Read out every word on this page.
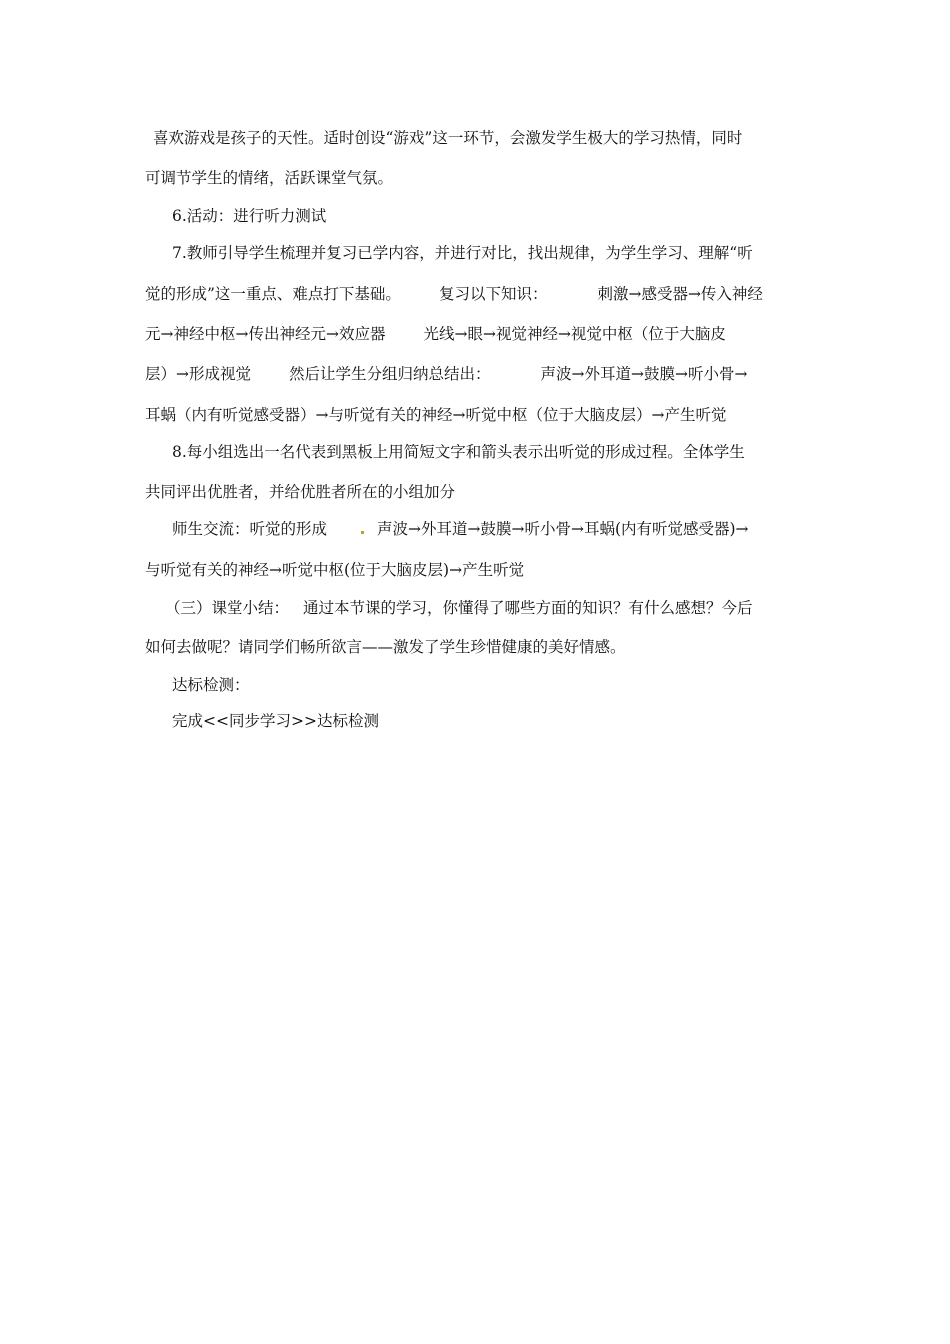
喜欢游戏是孩子的天性。适时创设“游戏”这一环节，会激发学生极大的学习热情，同时
可调节学生的情绪，活跃课堂气氛。
6.活动：进行听力测试
7.教师引导学生梳理并复习已学内容，并进行对比，找出规律，为学生学习、理解“听
觉的形成”这一重点、难点打下基础。 复习以下知识：	刺激→感受器→传入神经
元→神经中枢→传出神经元→效应器 光线→眼→视觉神经→视觉中枢（位于大脑皮
层）→形成视觉 然后让学生分组归纳总结出：	声波→外耳道→鼓膜→听小骨→
耳蜗（内有听觉感受器）→与听觉有关的神经→听觉中枢（位于大脑皮层）→产生听觉
8.每小组选出一名代表到黑板上用简短文字和箭头表示出听觉的形成过程。全体学生
共同评出优胜者，并给优胜者所在的小组加分
师生交流：听觉的形成	声波→外耳道→鼓膜→听小骨→耳蜗(内有听觉感受器)→
与听觉有关的神经→听觉中枢(位于大脑皮层)→产生听觉
（三）课堂小结： 通过本节课的学习，你懂得了哪些方面的知识？有什么感想？今后
如何去做呢？请同学们畅所欲言——激发了学生珍惜健康的美好情感。
达标检测：
完成<<同步学习>>达标检测
